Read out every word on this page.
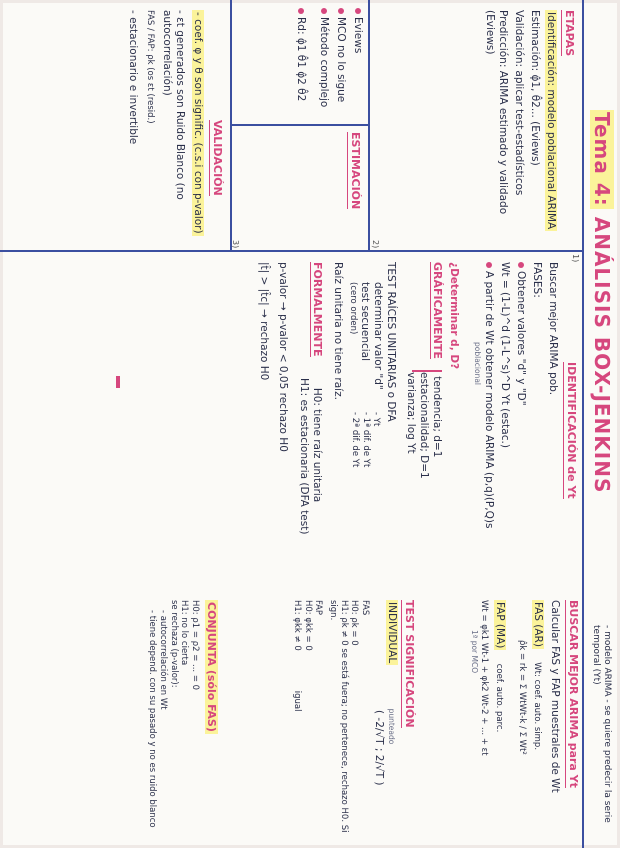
Tema 4: ANÁLISIS BOX-JENKINS
- modelo ARIMA - se quiere predecir la serie temporal (Yt)

ETAPAS

Identificación: modelo poblacional ARIMA

Estimación: φ̂1, θ̂2... (Eviews)

Validación: aplicar test-estadísticos

Predicción: ARIMA estimado y validado (Eviews)

ESTIMACIÓN

2)

Eviews

MCO no lo sigue

Método complejo

Rd: φ̂1 θ̂1 φ̂2 θ̂2

3)

VALIDACIÓN

- coef. φ y θ son signific. (c.s.i con p-valor)

- εt generados son Ruido Blanco (no autocorrelación)

FAS / FAP: ρk (os εt (resid.)

- estacionario e invertible

1)

IDENTIFICACIÓN de Yt

Buscar mejor ARIMA pob.

FASES:

Obtener valores "d" y "D"

Wt = (1-L)^d (1-L^s)^D Yt (estac.)

A partir de Wt obtener modelo ARIMA (p,q)(P,Q)s

poblacional

¿Determinar d, D?

GRÁFICAMENTE tendencia; d=1

estacionalidad; D=1

varianza; log Yt

TEST RAÍCES UNITARIAS o DFA

determinar valor "d"

test secuencial

(cero orden)

- Yt

- 1ª dif. de Yt

- 2ª dif. de Yt

Raíz unitaria no tiene raíz.

FORMALMENTE H0: tiene raíz unitaria

H1: es estacionaria (DFA test)

p-valor → p-valor < 0,05 rechazo H0

|t̂| > |t̂c| → rechazo H0

BUSCAR MEJOR ARIMA para Yt

Calcular FAS y FAP muestrales de Wt

FAS (AR) Wt: coef. auto. simp.

ρ̂k = rk = Σ WtWt-k / Σ Wt²

FAP (MA) coef. auto. parc.

Wt = φk1 Wt-1 + φk2 Wt-2 + ... + εt

1ª por MCO

TEST SIGNIFICACIÓN

INDIVIDUAL punteado

( -2/√T ; 2/√T )

FAS

H0: ρk = 0

H1: ρk ≠ 0 se está fuera; no pertenece, rechazo H0. Si sign.

FAP

H0: φkk = 0

H1: φkk ≠ 0igual

CONJUNTA (sólo FAS)

H0: ρ1 = ρ2 = ... = 0

H1: no lo cierta

se rechaza (p-valor):

- autocorrelación en Wt

- tiene depend. con su pasado y no es ruido blanco
